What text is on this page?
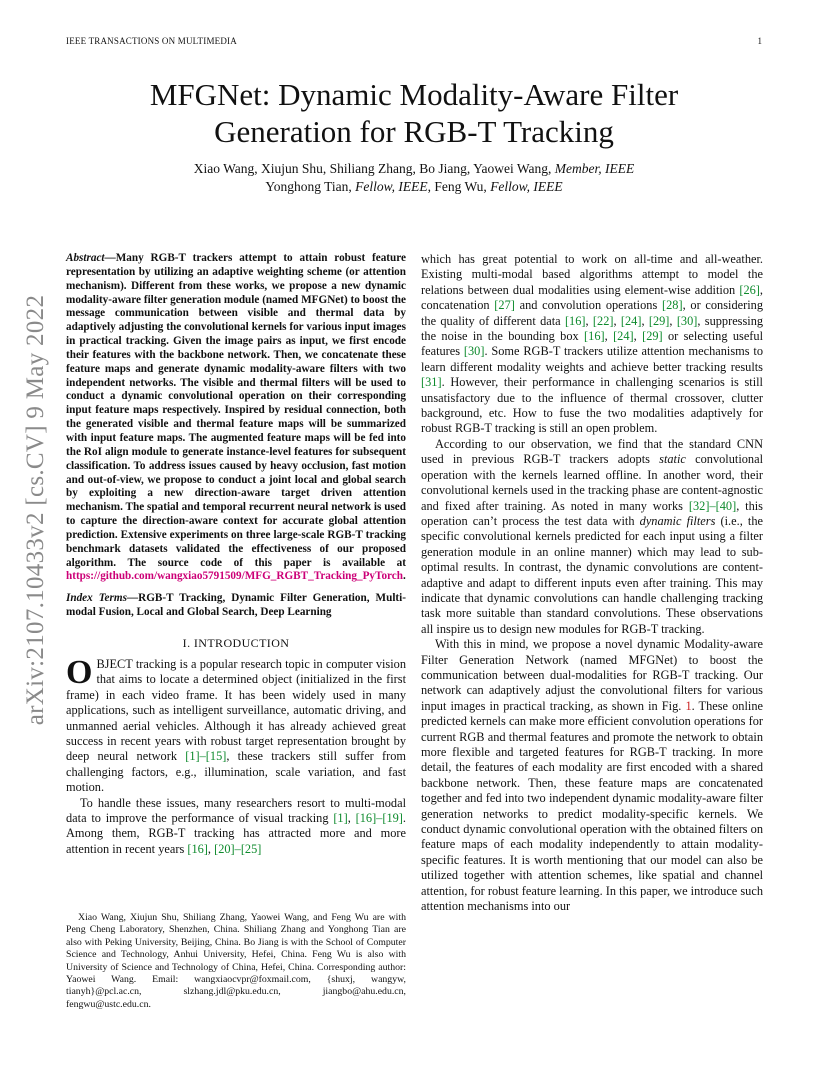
IEEE TRANSACTIONS ON MULTIMEDIA	1
arXiv:2107.10433v2 [cs.CV] 9 May 2022
MFGNet: Dynamic Modality-Aware Filter
Generation for RGB-T Tracking
Xiao Wang, Xiujun Shu, Shiliang Zhang, Bo Jiang, Yaowei Wang, Member, IEEE
Yonghong Tian, Fellow, IEEE, Feng Wu, Fellow, IEEE

Abstract—Many RGB-T trackers attempt to attain robust feature representation by utilizing an adaptive weighting scheme (or attention mechanism). Different from these works, we propose a new dynamic modality-aware filter generation module (named MFGNet) to boost the message communication between visible and thermal data by adaptively adjusting the convolutional kernels for various input images in practical tracking. Given the image pairs as input, we first encode their features with the backbone network. Then, we concatenate these feature maps and generate dynamic modality-aware filters with two independent networks. The visible and thermal filters will be used to conduct a dynamic convolutional operation on their corresponding input feature maps respectively. Inspired by residual connection, both the generated visible and thermal feature maps will be summarized with input feature maps. The augmented feature maps will be fed into the RoI align module to generate instance-level features for subsequent classification. To address issues caused by heavy occlusion, fast motion and out-of-view, we propose to conduct a joint local and global search by exploiting a new direction-aware target driven attention mechanism. The spatial and temporal recurrent neural network is used to capture the direction-aware context for accurate global attention prediction. Extensive experiments on three large-scale RGB-T tracking benchmark datasets validated the effectiveness of our proposed algorithm. The source code of this paper is available at https://github.com/wangxiao5791509/MFG_RGBT_Tracking_PyTorch.

Index Terms—RGB-T Tracking, Dynamic Filter Generation, Multi-modal Fusion, Local and Global Search, Deep Learning

I. INTRODUCTION

OBJECT tracking is a popular research topic in computer vision that aims to locate a determined object (initialized in the first frame) in each video frame. It has been widely used in many applications, such as intelligent surveillance, automatic driving, and unmanned aerial vehicles. Although it has already achieved great success in recent years with robust target representation brought by deep neural network [1]–[15], these trackers still suffer from challenging factors, e.g., illumination, scale variation, and fast motion.

To handle these issues, many researchers resort to multi-modal data to improve the performance of visual tracking [1], [16]–[19]. Among them, RGB-T tracking has attracted more and more attention in recent years [16], [20]–[25]

Xiao Wang, Xiujun Shu, Shiliang Zhang, Yaowei Wang, and Feng Wu are with Peng Cheng Laboratory, Shenzhen, China. Shiliang Zhang and Yonghong Tian are also with Peking University, Beijing, China. Bo Jiang is with the School of Computer Science and Technology, Anhui University, Hefei, China. Feng Wu is also with University of Science and Technology of China, Hefei, China. Corresponding author: Yaowei Wang. Email: wangxiaocvpr@foxmail.com, {shuxj, wangyw, tianyh}@pcl.ac.cn, slzhang.jdl@pku.edu.cn, jiangbo@ahu.edu.cn, fengwu@ustc.edu.cn.

which has great potential to work on all-time and all-weather. Existing multi-modal based algorithms attempt to model the relations between dual modalities using element-wise addition [26], concatenation [27] and convolution operations [28], or considering the quality of different data [16], [22], [24], [29], [30], suppressing the noise in the bounding box [16], [24], [29] or selecting useful features [30]. Some RGB-T trackers utilize attention mechanisms to learn different modality weights and achieve better tracking results [31]. However, their performance in challenging scenarios is still unsatisfactory due to the influence of thermal crossover, clutter background, etc. How to fuse the two modalities adaptively for robust RGB-T tracking is still an open problem.

According to our observation, we find that the standard CNN used in previous RGB-T trackers adopts static convolutional operation with the kernels learned offline. In another word, their convolutional kernels used in the tracking phase are content-agnostic and fixed after training. As noted in many works [32]–[40], this operation can’t process the test data with dynamic filters (i.e., the specific convolutional kernels predicted for each input using a filter generation module in an online manner) which may lead to sub-optimal results. In contrast, the dynamic convolutions are content-adaptive and adapt to different inputs even after training. This may indicate that dynamic convolutions can handle challenging tracking task more suitable than standard convolutions. These observations all inspire us to design new modules for RGB-T tracking.

With this in mind, we propose a novel dynamic Modality-aware Filter Generation Network (named MFGNet) to boost the communication between dual-modalities for RGB-T tracking. Our network can adaptively adjust the convolutional filters for various input images in practical tracking, as shown in Fig. 1. These online predicted kernels can make more efficient convolution operations for current RGB and thermal features and promote the network to obtain more flexible and targeted features for RGB-T tracking. In more detail, the features of each modality are first encoded with a shared backbone network. Then, these feature maps are concatenated together and fed into two independent dynamic modality-aware filter generation networks to predict modality-specific kernels. We conduct dynamic convolutional operation with the obtained filters on feature maps of each modality independently to attain modality-specific features. It is worth mentioning that our model can also be utilized together with attention schemes, like spatial and channel attention, for robust feature learning. In this paper, we introduce such attention mechanisms into our
